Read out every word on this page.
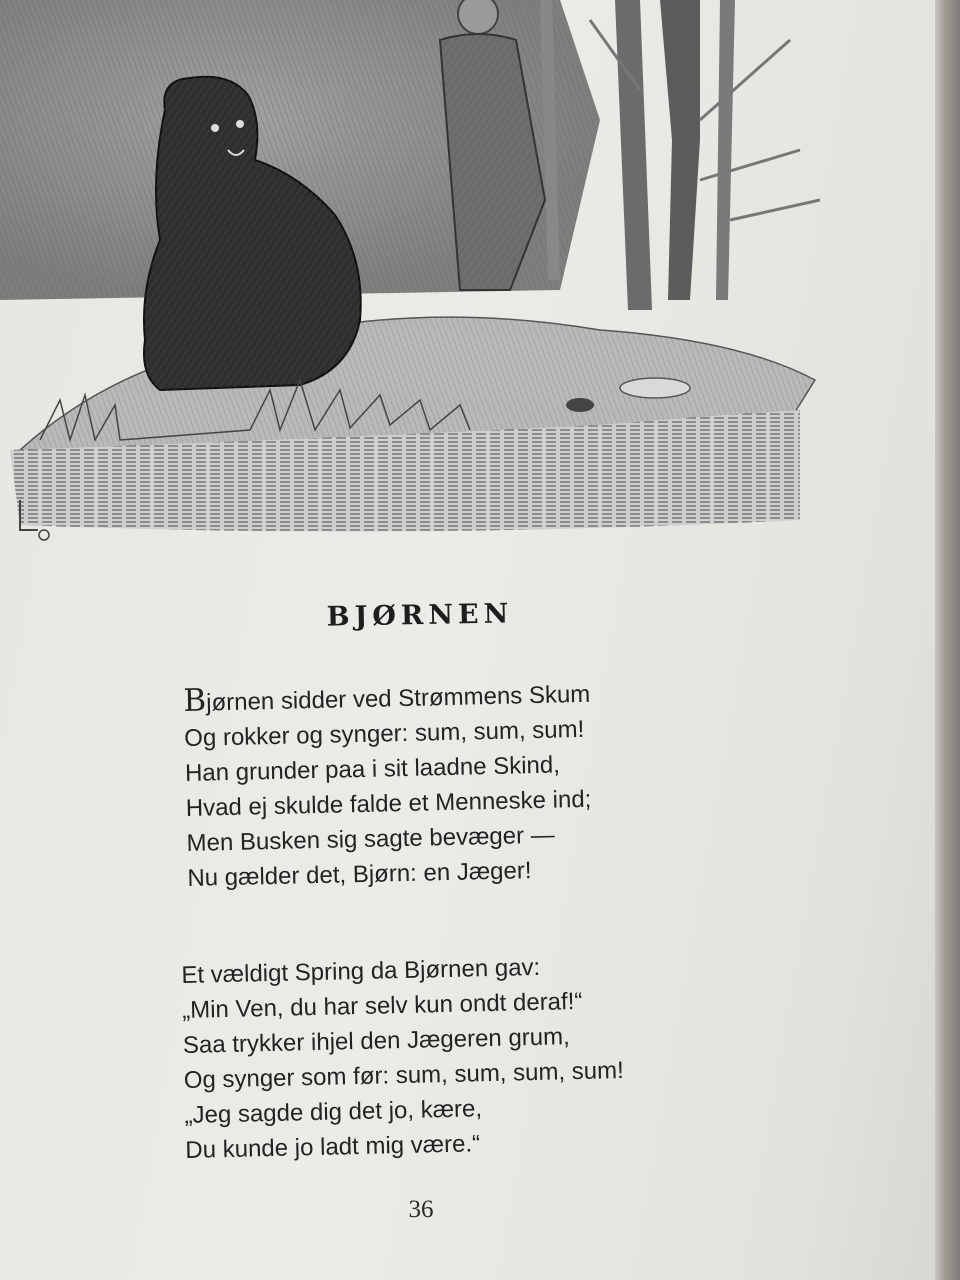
BJØRNEN
Bjørnen sidder ved Strømmens Skum
Og rokker og synger: sum, sum, sum!
Han grunder paa i sit laadne Skind,
Hvad ej skulde falde et Menneske ind;
Men Busken sig sagte bevæger —
Nu gælder det, Bjørn: en Jæger!
Et vældigt Spring da Bjørnen gav:
„Min Ven, du har selv kun ondt deraf!“
Saa trykker ihjel den Jægeren grum,
Og synger som før: sum, sum, sum, sum!
„Jeg sagde dig det jo, kære,
Du kunde jo ladt mig være.“
36
